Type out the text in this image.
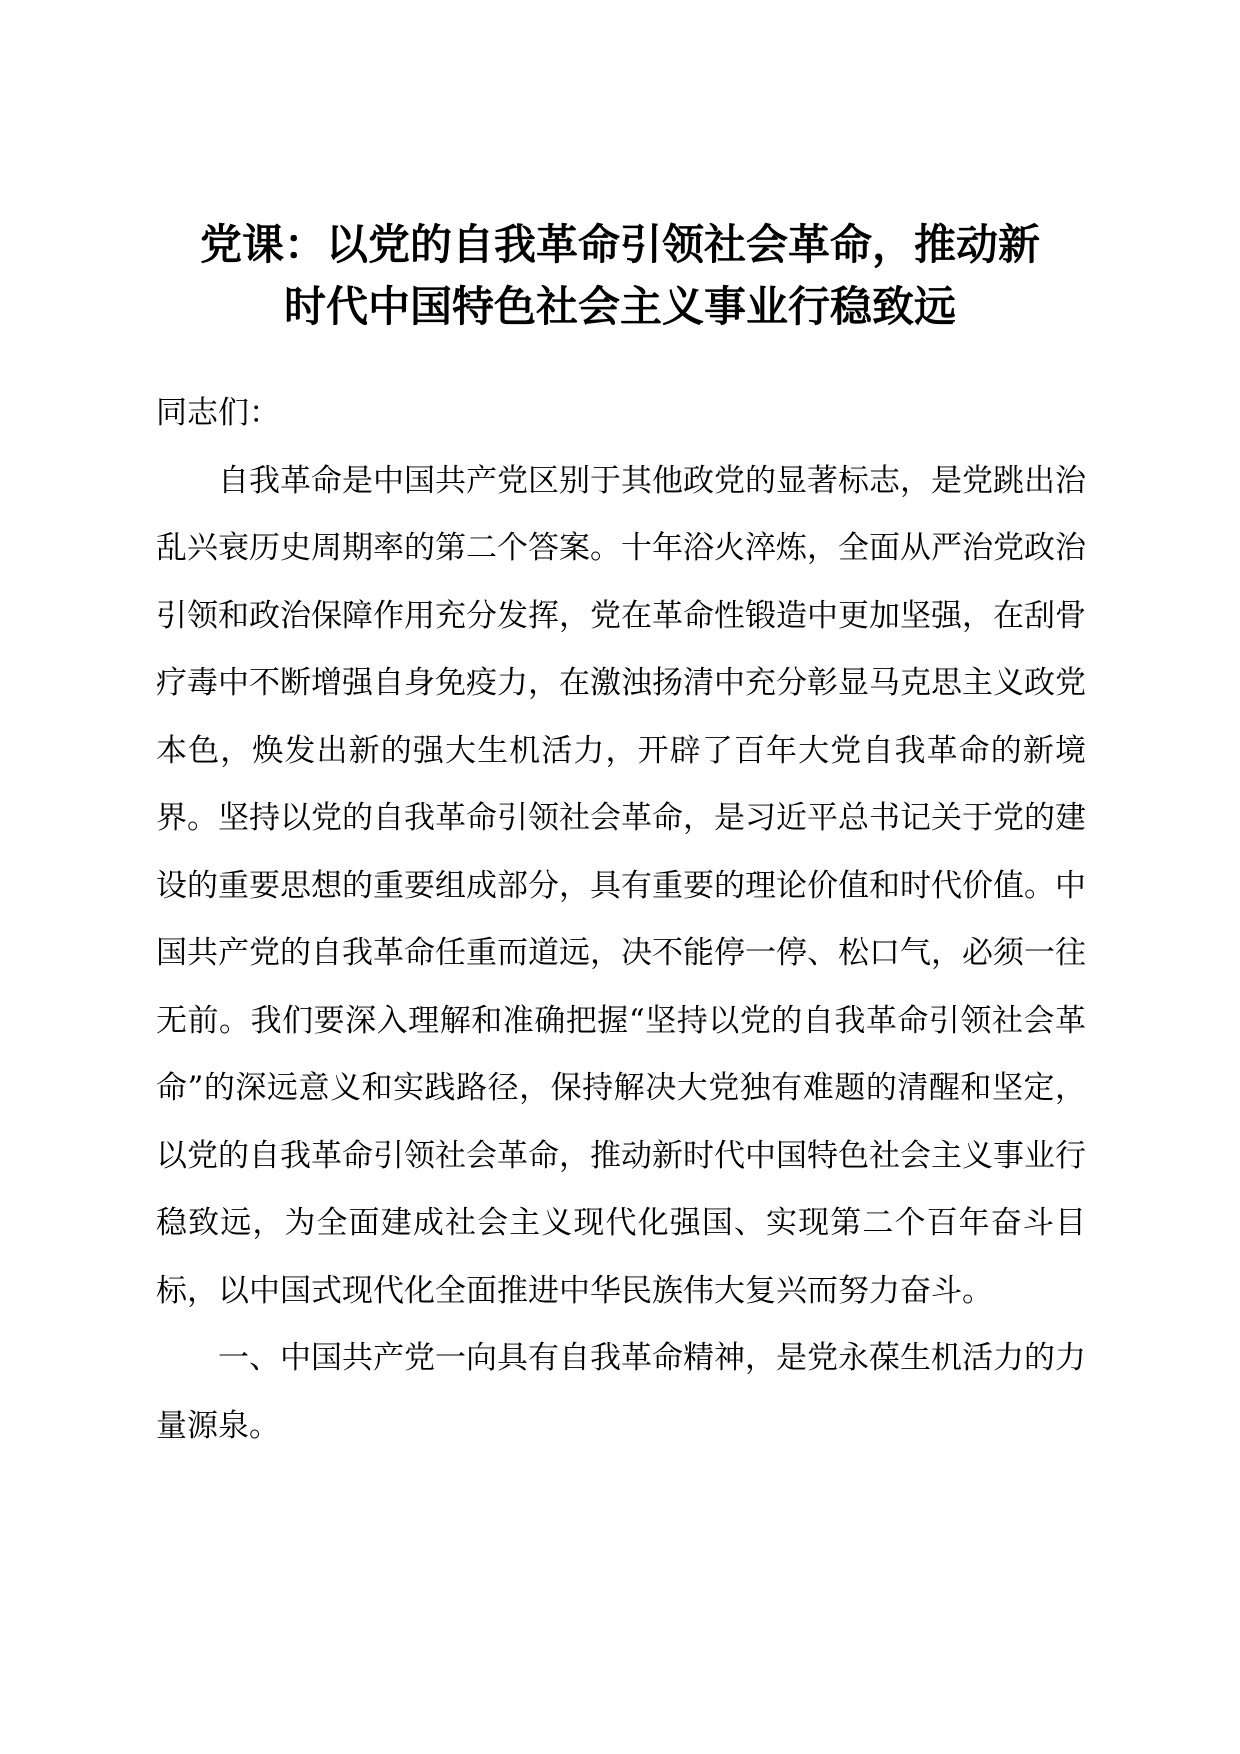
党课：以党的自我革命引领社会革命，推动新
时代中国特色社会主义事业行稳致远

同志们：

自我革命是中国共产党区别于其他政党的显著标志，是党跳出治乱兴衰历史周期率的第二个答案。十年浴火淬炼，全面从严治党政治引领和政治保障作用充分发挥，党在革命性锻造中更加坚强，在刮骨疗毒中不断增强自身免疫力，在激浊扬清中充分彰显马克思主义政党本色，焕发出新的强大生机活力，开辟了百年大党自我革命的新境界。坚持以党的自我革命引领社会革命，是习近平总书记关于党的建设的重要思想的重要组成部分，具有重要的理论价值和时代价值。中国共产党的自我革命任重而道远，决不能停一停、松口气，必须一往无前。我们要深入理解和准确把握“坚持以党的自我革命引领社会革命”的深远意义和实践路径，保持解决大党独有难题的清醒和坚定，以党的自我革命引领社会革命，推动新时代中国特色社会主义事业行稳致远，为全面建成社会主义现代化强国、实现第二个百年奋斗目标，以中国式现代化全面推进中华民族伟大复兴而努力奋斗。

一、中国共产党一向具有自我革命精神，是党永葆生机活力的力量源泉。
